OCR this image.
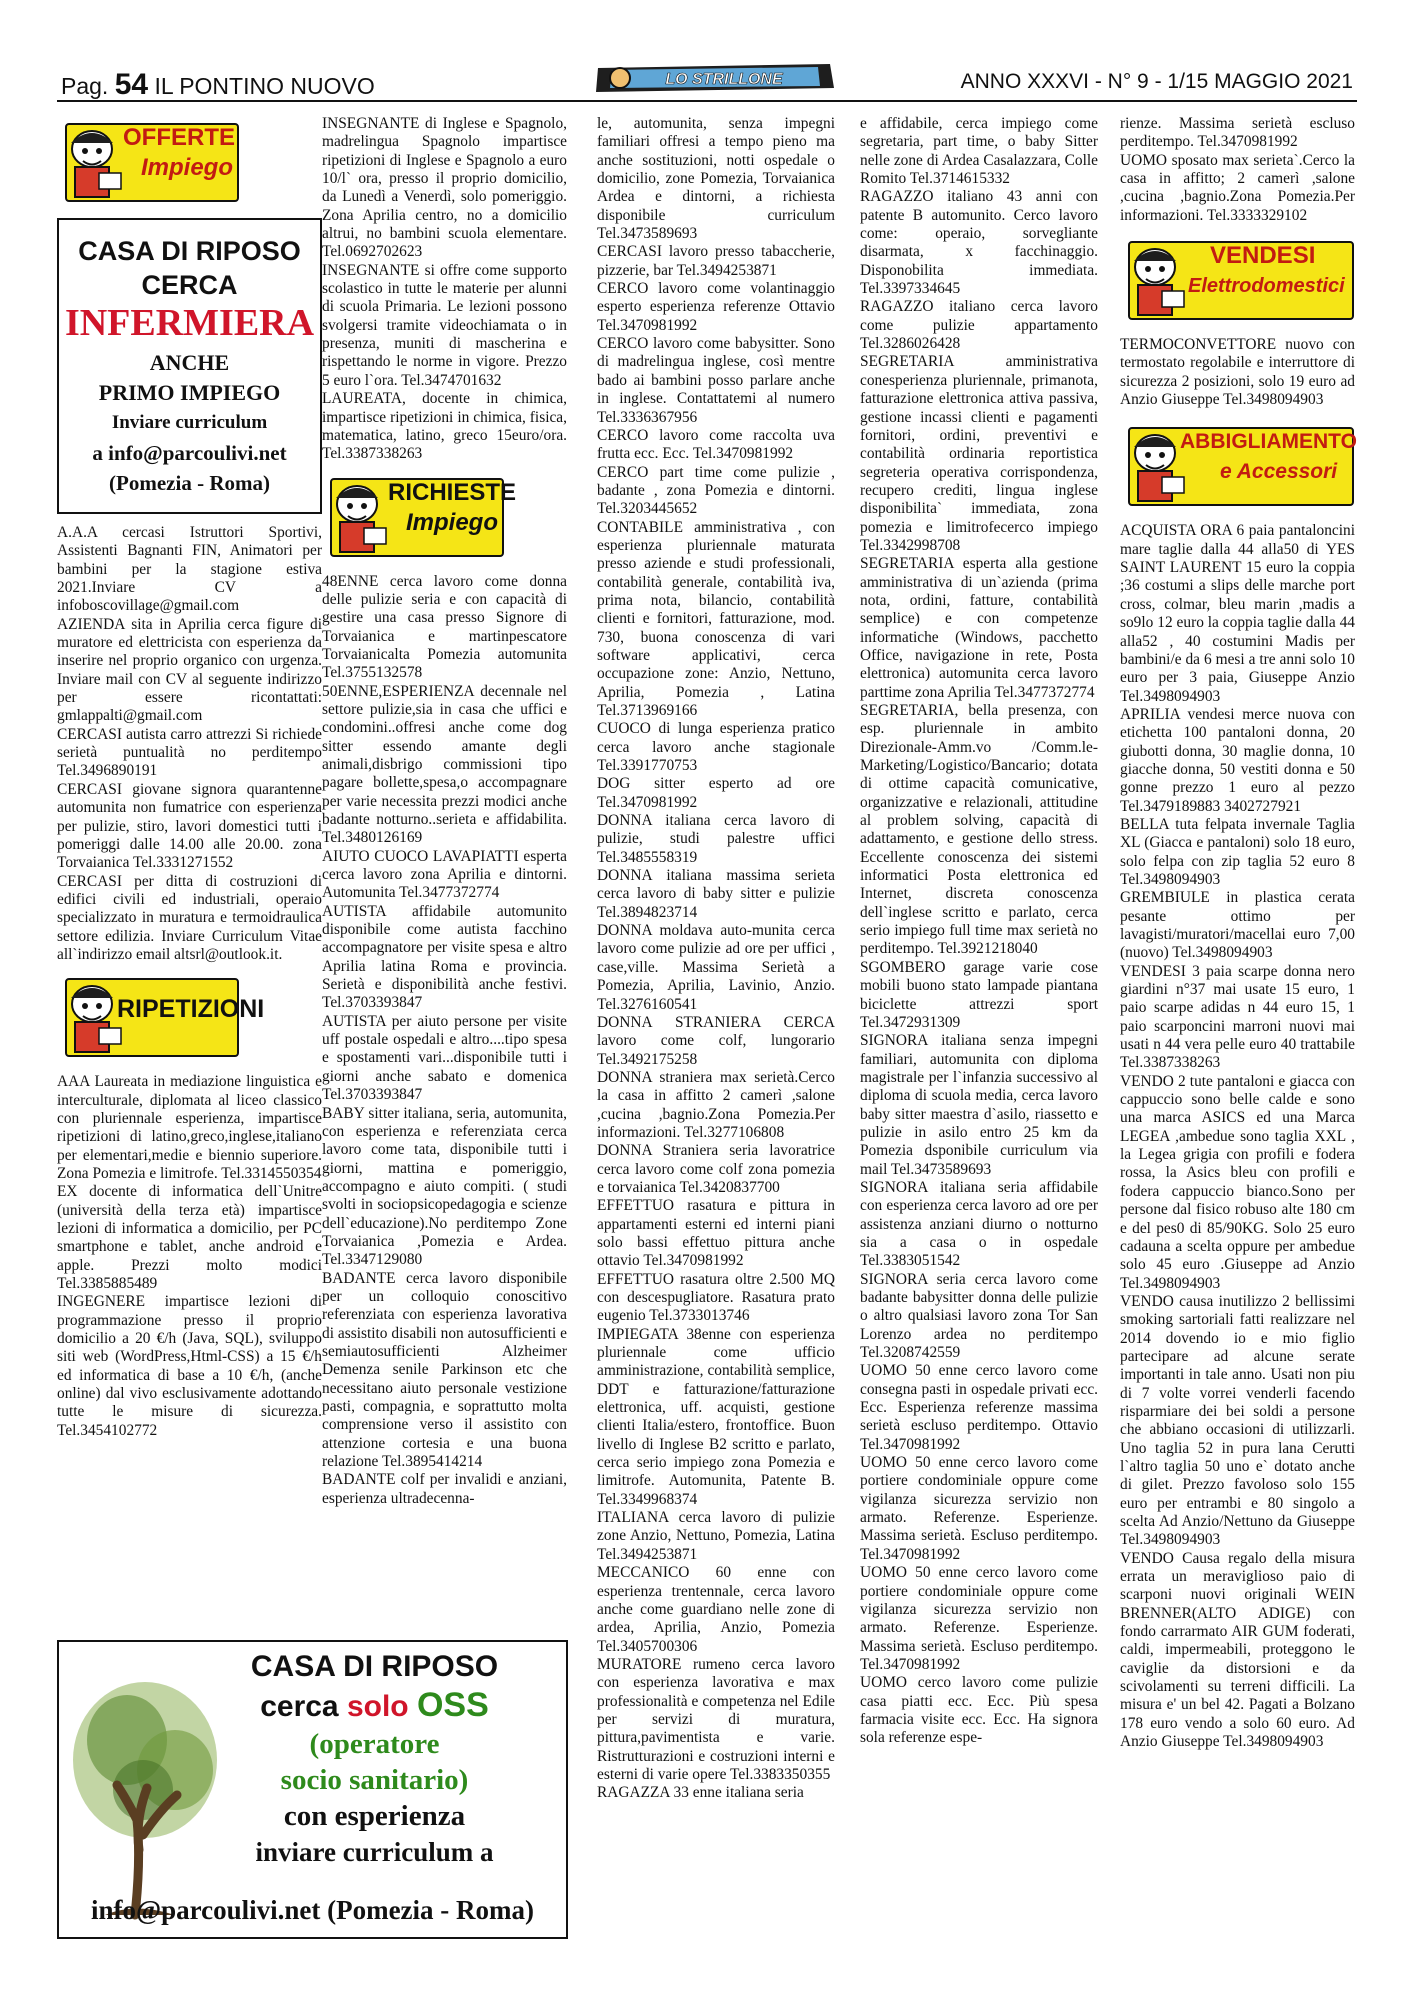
Pag. 54 IL PONTINO NUOVO	LO STRILLONE	ANNO XXXVI - N° 9 - 1/15 MAGGIO 2021
OFFERTE
Impiego
CASA DI RIPOSO
CERCA
INFERMIERA
ANCHE
PRIMO IMPIEGO
Inviare curriculum
a info@parcoulivi.net
(Pomezia - Roma)

A.A.A cercasi Istruttori Sportivi, Assistenti Bagnanti FIN, Animatori per bambini per la stagione estiva 2021.Inviare CV a infoboscovillage@gmail.com

AZIENDA sita in Aprilia cerca figure di muratore ed elettricista con esperienza da inserire nel proprio organico con urgenza. Inviare mail con CV al seguente indirizzo per essere ricontattati: gmlappalti@gmail.com

CERCASI autista carro attrezzi Si richiede serietà puntualità no perditempo Tel.3496890191

CERCASI giovane signora quarantenne automunita non fumatrice con esperienza per pulizie, stiro, lavori domestici tutti i pomeriggi dalle 14.00 alle 20.00. zona Torvaianica Tel.3331271552

CERCASI per ditta di costruzioni di edifici civili ed industriali, operaio specializzato in muratura e termoidraulica settore edilizia. Inviare Curriculum Vitae all`indirizzo email altsrl@outlook.it.

RIPETIZIONI

AAA Laureata in mediazione linguistica e interculturale, diplomata al liceo classico con pluriennale esperienza, impartisce ripetizioni di latino,greco,inglese,italiano per elementari,medie e biennio superiore. Zona Pomezia e limitrofe. Tel.3314550354

EX docente di informatica dell`Unitre (università della terza età) impartisce lezioni di informatica a domicilio, per PC smartphone e tablet, anche android e apple. Prezzi molto modici Tel.3385885489

INGEGNERE impartisce lezioni di programmazione presso il proprio domicilio a 20 €/h (Java, SQL), sviluppo siti web (WordPress,Html-CSS) a 15 €/h ed informatica di base a 10 €/h, (anche online) dal vivo esclusivamente adottando tutte le misure di sicurezza. Tel.3454102772

INSEGNANTE di Inglese e Spagnolo, madrelingua Spagnolo impartisce ripetizioni di Inglese e Spagnolo a euro 10/l` ora, presso il proprio domicilio, da Lunedì a Venerdì, solo pomeriggio. Zona Aprilia centro, no a domicilio altrui, no bambini scuola elementare. Tel.0692702623

INSEGNANTE si offre come supporto scolastico in tutte le materie per alunni di scuola Primaria. Le lezioni possono svolgersi tramite videochiamata o in presenza, muniti di mascherina e rispettando le norme in vigore. Prezzo 5 euro l`ora. Tel.3474701632

LAUREATA, docente in chimica, impartisce ripetizioni in chimica, fisica, matematica, latino, greco 15euro/ora. Tel.3387338263

RICHIESTE
Impiego

48ENNE cerca lavoro come donna delle pulizie seria e con capacità di gestire una casa presso Signore di Torvaianica e martinpescatore Torvaianicalta Pomezia automunita Tel.3755132578

50ENNE,ESPERIENZA decennale nel settore pulizie,sia in casa che uffici e condomini..offresi anche come dog sitter essendo amante degli animali,disbrigo commissioni tipo pagare bollette,spesa,o accompagnare per varie necessita prezzi modici anche badante notturno..serieta e affidabilita. Tel.3480126169

AIUTO CUOCO LAVAPIATTI esperta cerca lavoro zona Aprilia e dintorni. Automunita Tel.3477372774

AUTISTA affidabile automunito disponibile come autista facchino accompagnatore per visite spesa e altro Aprilia latina Roma e provincia. Serietà e disponibilità anche festivi. Tel.3703393847

AUTISTA per aiuto persone per visite uff postale ospedali e altro....tipo spesa e spostamenti vari...disponibile tutti i giorni anche sabato e domenica Tel.3703393847

BABY sitter italiana, seria, automunita, con esperienza e referenziata cerca lavoro come tata, disponibile tutti i giorni, mattina e pomeriggio, accompagno e aiuto compiti. ( studi svolti in sociopsicopedagogia e scienze dell`educazione).No perditempo Zone Torvaianica ,Pomezia e Ardea. Tel.3347129080

BADANTE cerca lavoro disponibile per un colloquio conoscitivo referenziata con esperienza lavorativa di assistito disabili non autosufficienti e semiautosufficienti Alzheimer Demenza senile Parkinson etc che necessitano aiuto personale vestizione pasti, compagnia, e soprattutto molta comprensione verso il assistito con attenzione cortesia e una buona relazione Tel.3895414214

BADANTE colf per invalidi e anziani, esperienza ultradecenna-

le, automunita, senza impegni familiari offresi a tempo pieno ma anche sostituzioni, notti ospedale o domicilio, zone Pomezia, Torvaianica Ardea e dintorni, a richiesta disponibile curriculum Tel.3473589693

CERCASI lavoro presso tabaccherie, pizzerie, bar Tel.3494253871

CERCO lavoro come volantinaggio esperto esperienza referenze Ottavio Tel.3470981992

CERCO lavoro come babysitter. Sono di madrelingua inglese, così mentre bado ai bambini posso parlare anche in inglese. Contattatemi al numero Tel.3336367956

CERCO lavoro come raccolta uva frutta ecc. Ecc. Tel.3470981992

CERCO part time come pulizie , badante , zona Pomezia e dintorni. Tel.3203445652

CONTABILE amministrativa , con esperienza pluriennale maturata presso aziende e studi professionali, contabilità generale, contabilità iva, prima nota, bilancio, contabilità clienti e fornitori, fatturazione, mod. 730, buona conoscenza di vari software applicativi, cerca occupazione zone: Anzio, Nettuno, Aprilia, Pomezia , Latina Tel.3713969166

CUOCO di lunga esperienza pratico cerca lavoro anche stagionale Tel.3391770753

DOG sitter esperto ad ore Tel.3470981992

DONNA italiana cerca lavoro di pulizie, studi palestre uffici Tel.3485558319

DONNA italiana massima serieta cerca lavoro di baby sitter e pulizie Tel.3894823714

DONNA moldava auto-munita cerca lavoro come pulizie ad ore per uffici , case,ville. Massima Serietà a Pomezia, Aprilia, Lavinio, Anzio. Tel.3276160541

DONNA STRANIERA CERCA lavoro come colf, lungorario Tel.3492175258

DONNA straniera max serietà.Cerco la casa in affitto 2 camerì ,salone ,cucina ,bagnio.Zona Pomezia.Per informazioni. Tel.3277106808

DONNA Straniera seria lavoratrice cerca lavoro come colf zona pomezia e torvaianica Tel.3420837700

EFFETTUO rasatura e pittura in appartamenti esterni ed interni piani solo bassi effettuo pittura anche ottavio Tel.3470981992

EFFETTUO rasatura oltre 2.500 MQ con descespugliatore. Rasatura prato eugenio Tel.3733013746

IMPIEGATA 38enne con esperienza pluriennale come ufficio amministrazione, contabilità semplice, DDT e fatturazione/fatturazione elettronica, uff. acquisti, gestione clienti Italia/estero, frontoffice. Buon livello di Inglese B2 scritto e parlato, cerca serio impiego zona Pomezia e limitrofe. Automunita, Patente B. Tel.3349968374

ITALIANA cerca lavoro di pulizie zone Anzio, Nettuno, Pomezia, Latina Tel.3494253871

MECCANICO 60 enne con esperienza trentennale, cerca lavoro anche come guardiano nelle zone di ardea, Aprilia, Anzio, Pomezia Tel.3405700306

MURATORE rumeno cerca lavoro con esperienza lavorativa e max professionalità e competenza nel Edile per servizi di muratura, pittura,pavimentista e varie. Ristrutturazioni e costruzioni interni e esterni di varie opere Tel.3383350355

RAGAZZA 33 enne italiana seria

e affidabile, cerca impiego come segretaria, part time, o baby Sitter nelle zone di Ardea Casalazzara, Colle Romito Tel.3714615332

RAGAZZO italiano 43 anni con patente B automunito. Cerco lavoro come: operaio, sorvegliante disarmata, x facchinaggio. Disponobilita immediata. Tel.3397334645

RAGAZZO italiano cerca lavoro come pulizie appartamento Tel.3286026428

SEGRETARIA amministrativa conesperienza pluriennale, primanota, fatturazione elettronica attiva passiva, gestione incassi clienti e pagamenti fornitori, ordini, preventivi e contabilità ordinaria reportistica segreteria operativa corrispondenza, recupero crediti, lingua inglese disponibilita` immediata, zona pomezia e limitrofecerco impiego Tel.3342998708

SEGRETARIA esperta alla gestione amministrativa di un`azienda (prima nota, ordini, fatture, contabilità semplice) e con competenze informatiche (Windows, pacchetto Office, navigazione in rete, Posta elettronica) automunita cerca lavoro parttime zona Aprilia Tel.3477372774

SEGRETARIA, bella presenza, con esp. pluriennale in ambito Direzionale-Amm.vo /Comm.le-Marketing/Logistico/Bancario; dotata di ottime capacità comunicative, organizzative e relazionali, attitudine al problem solving, capacità di adattamento, e gestione dello stress. Eccellente conoscenza dei sistemi informatici Posta elettronica ed Internet, discreta conoscenza dell`inglese scritto e parlato, cerca serio impiego full time max serietà no perditempo. Tel.3921218040

SGOMBERO garage varie cose mobili buono stato lampade piantana biciclette attrezzi sport Tel.3472931309

SIGNORA italiana senza impegni familiari, automunita con diploma magistrale per l`infanzia successivo al diploma di scuola media, cerca lavoro baby sitter maestra d`asilo, riassetto e pulizie in asilo entro 25 km da Pomezia dsponibile curriculum via mail Tel.3473589693

SIGNORA italiana seria affidabile con esperienza cerca lavoro ad ore per assistenza anziani diurno o notturno sia a casa o in ospedale Tel.3383051542

SIGNORA seria cerca lavoro come badante babysitter donna delle pulizie o altro qualsiasi lavoro zona Tor San Lorenzo ardea no perditempo Tel.3208742559

UOMO 50 enne cerco lavoro come consegna pasti in ospedale privati ecc. Ecc. Esperienza referenze massima serietà escluso perditempo. Ottavio Tel.3470981992

UOMO 50 enne cerco lavoro come portiere condominiale oppure come vigilanza sicurezza servizio non armato. Referenze. Esperienze. Massima serietà. Escluso perditempo. Tel.3470981992

UOMO 50 enne cerco lavoro come portiere condominiale oppure come vigilanza sicurezza servizio non armato. Referenze. Esperienze. Massima serietà. Escluso perditempo. Tel.3470981992

UOMO cerco lavoro come pulizie casa piatti ecc. Ecc. Più spesa farmacia visite ecc. Ecc. Ha signora sola referenze espe-

rienze. Massima serietà escluso perditempo. Tel.3470981992

UOMO sposato max serieta`.Cerco la casa in affitto; 2 camerì ,salone ,cucina ,bagnio.Zona Pomezia.Per informazioni. Tel.3333329102

VENDESI
Elettrodomestici

TERMOCONVETTORE nuovo con termostato regolabile e interruttore di sicurezza 2 posizioni, solo 19 euro ad Anzio Giuseppe Tel.3498094903

ABBIGLIAMENTO
e Accessori

ACQUISTA ORA 6 paia pantaloncini mare taglie dalla 44 alla50 di YES SAINT LAURENT 15 euro la coppia ;36 costumi a slips delle marche port cross, colmar, bleu marin ,madis a so9lo 12 euro la coppia taglie dalla 44 alla52 , 40 costumini Madis per bambini/e da 6 mesi a tre anni solo 10 euro per 3 paia, Giuseppe Anzio Tel.3498094903

APRILIA vendesi merce nuova con etichetta 100 pantaloni donna, 20 giubotti donna, 30 maglie donna, 10 giacche donna, 50 vestiti donna e 50 gonne prezzo 1 euro al pezzo Tel.3479189883 3402727921

BELLA tuta felpata invernale Taglia XL (Giacca e pantaloni) solo 18 euro, solo felpa con zip taglia 52 euro 8 Tel.3498094903

GREMBIULE in plastica cerata pesante ottimo per lavagisti/muratori/macellai euro 7,00 (nuovo) Tel.3498094903

VENDESI 3 paia scarpe donna nero giardini n°37 mai usate 15 euro, 1 paio scarpe adidas n 44 euro 15, 1 paio scarponcini marroni nuovi mai usati n 44 vera pelle euro 40 trattabile Tel.3387338263

VENDO 2 tute pantaloni e giacca con cappuccio sono belle calde e sono una marca ASICS ed una Marca LEGEA ,ambedue sono taglia XXL , la Legea grigia con profili e fodera rossa, la Asics bleu con profili e fodera cappuccio bianco.Sono per persone dal fisico robuso alte 180 cm e del pes0 di 85/90KG. Solo 25 euro cadauna a scelta oppure per ambedue solo 45 euro .Giuseppe ad Anzio Tel.3498094903

VENDO causa inutilizzo 2 bellissimi smoking sartoriali fatti realizzare nel 2014 dovendo io e mio figlio partecipare ad alcune serate importanti in tale anno. Usati non piu di 7 volte vorrei venderli facendo risparmiare dei bei soldi a persone che abbiano occasioni di utilizzarli. Uno taglia 52 in pura lana Cerutti l`altro taglia 50 uno e` dotato anche di gilet. Prezzo favoloso solo 155 euro per entrambi e 80 singolo a scelta Ad Anzio/Nettuno da Giuseppe Tel.3498094903

VENDO Causa regalo della misura errata un meraviglioso paio di scarponi nuovi originali WEIN BRENNER(ALTO ADIGE) con fondo carrarmato AIR GUM foderati, caldi, impermeabili, proteggono le caviglie da distorsioni e da scivolamenti su terreni difficili. La misura e' un bel 42. Pagati a Bolzano 178 euro vendo a solo 60 euro. Ad Anzio Giuseppe Tel.3498094903

CASA DI RIPOSO
cerca solo OSS
(operatore
socio sanitario)
con esperienza
inviare curriculum a
info@parcoulivi.net (Pomezia - Roma)
